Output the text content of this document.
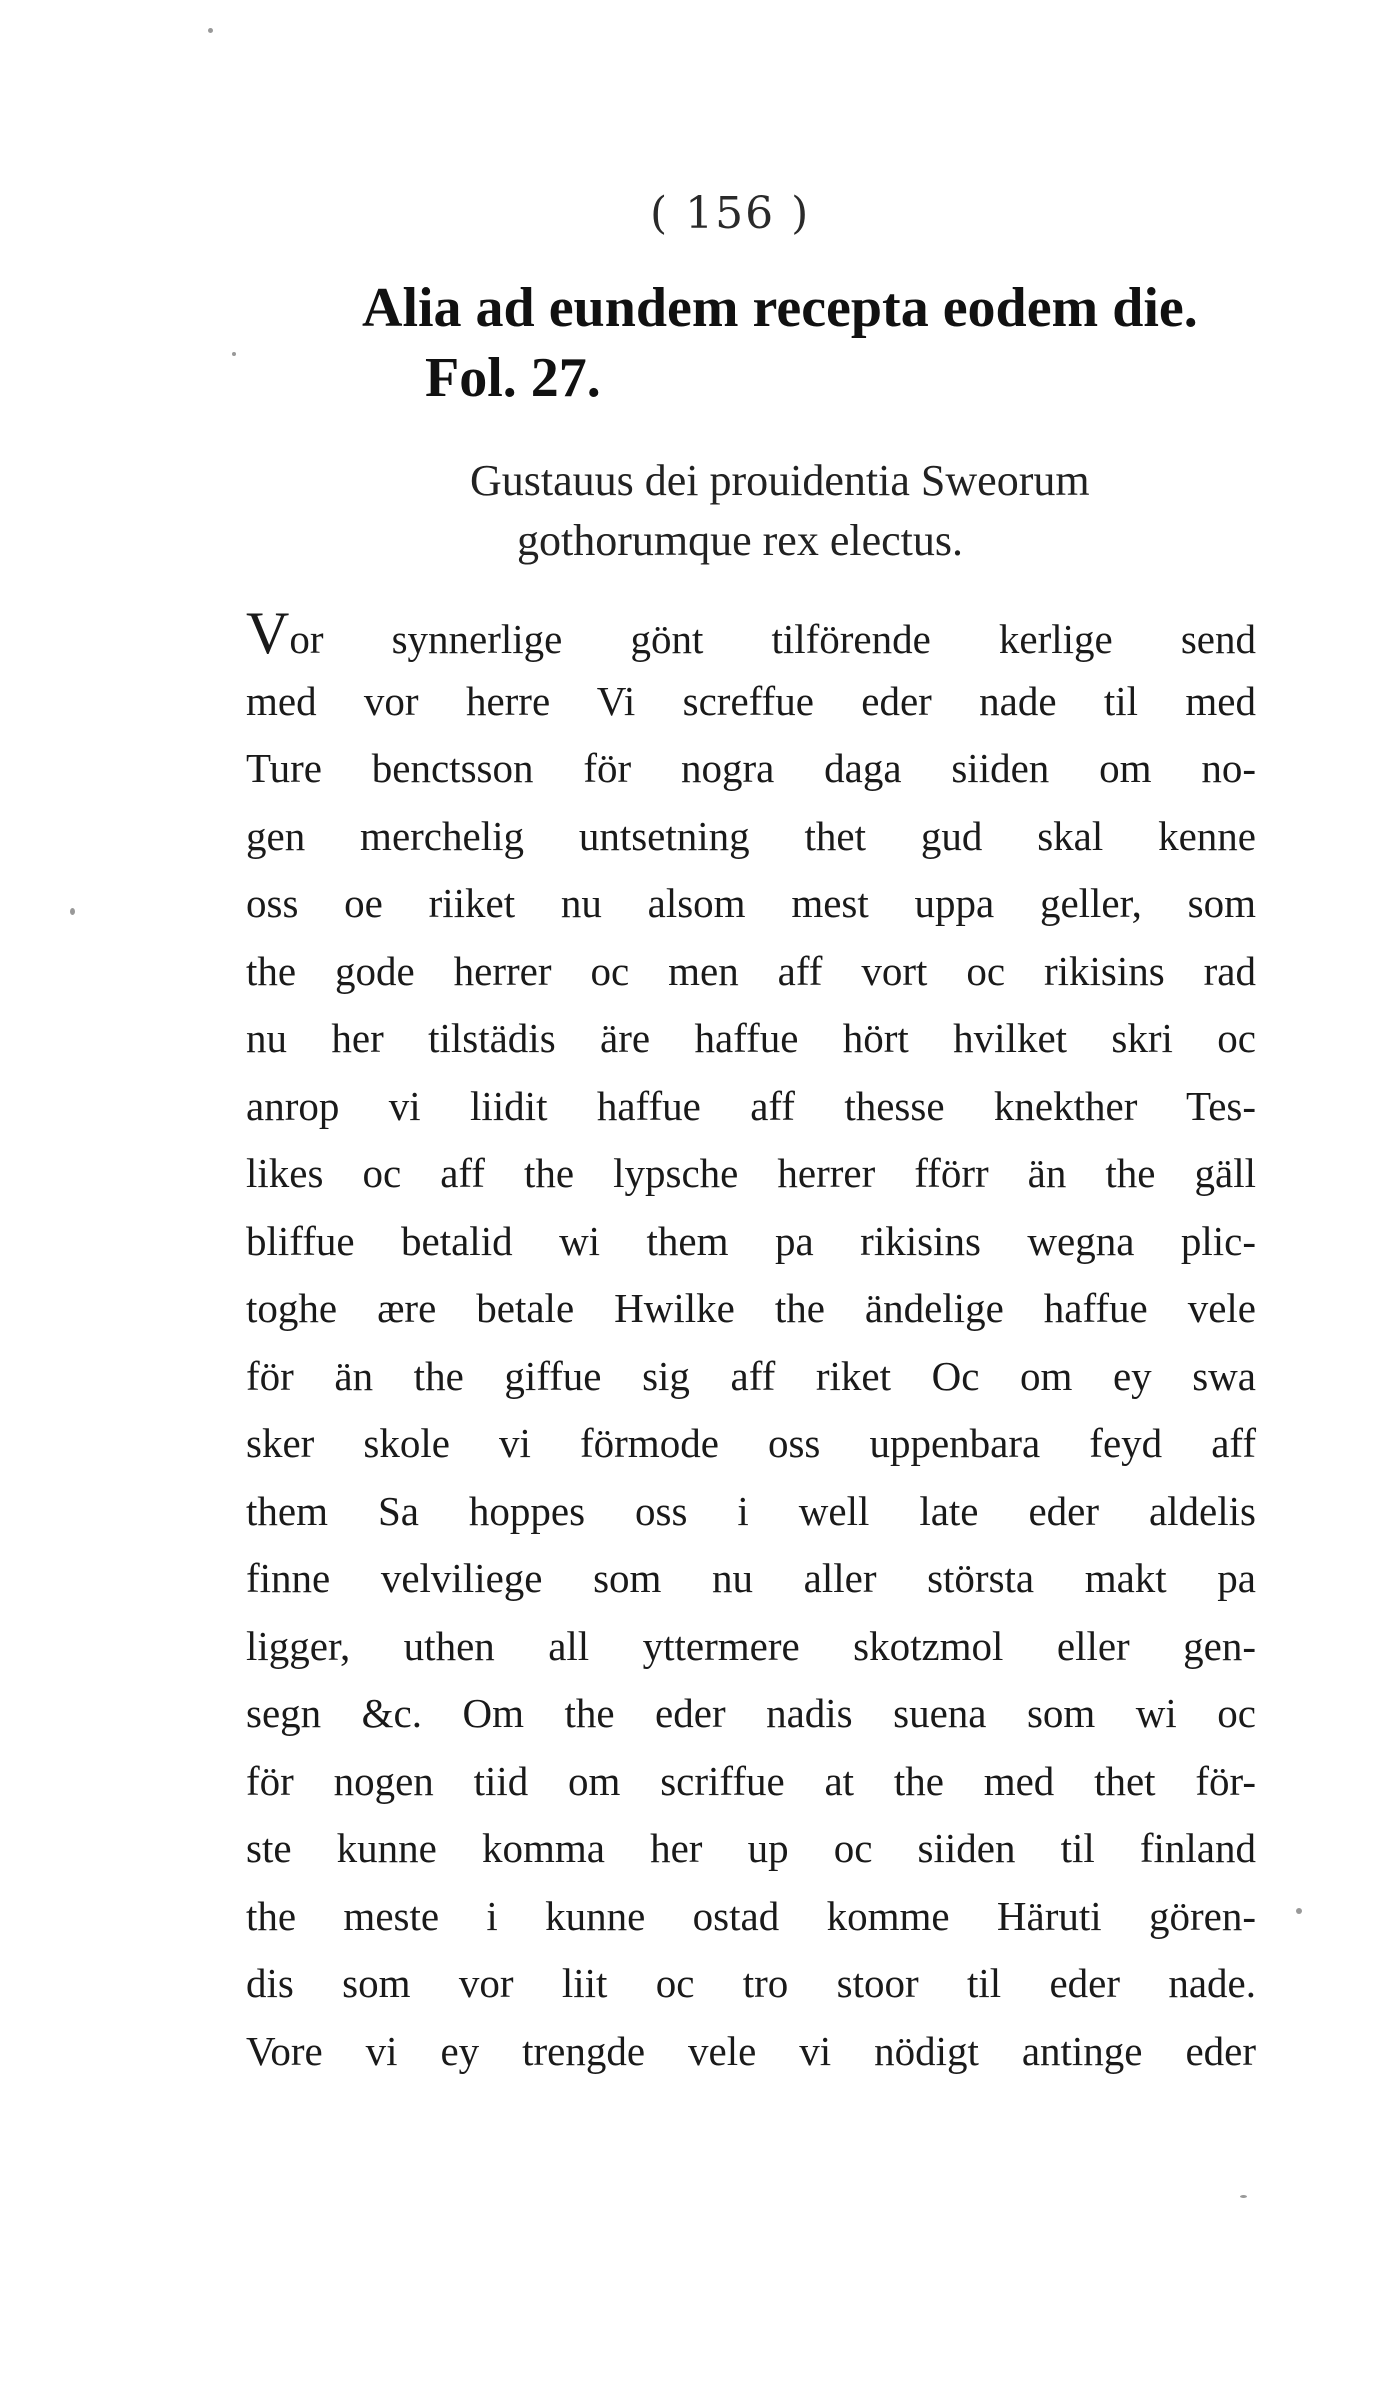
( 156 )
Alia ad eundem recepta eodem die.
Fol. 27.
Gustauus dei prouidentia Sweorum
gothorumque rex electus.
Vor synnerlige gönt tilförende kerlige send
med vor herre Vi screffue eder nade til med
Ture benctsson för nogra daga siiden om no-
gen merchelig untsetning thet gud skal kenne
oss oe riiket nu alsom mest uppa geller, som
the gode herrer oc men aff vort oc rikisins rad
nu her tilstädis äre haffue hört hvilket skri oc
anrop vi liidit haffue aff thesse knekther Tes-
likes oc aff the lypsche herrer fförr än the gäll
bliffue betalid wi them pa rikisins wegna plic-
toghe ære betale Hwilke the ändelige haffue vele
för än the giffue sig aff riket Oc om ey swa
sker skole vi förmode oss uppenbara feyd aff
them Sa hoppes oss i well late eder aldelis
finne velviliege som nu aller största makt pa
ligger, uthen all yttermere skotzmol eller gen-
segn &c. Om the eder nadis suena som wi oc
för nogen tiid om scriffue at the med thet för-
ste kunne komma her up oc siiden til finland
the meste i kunne ostad komme Häruti gören-
dis som vor liit oc tro stoor til eder nade.
Vore vi ey trengde vele vi nödigt antinge eder
